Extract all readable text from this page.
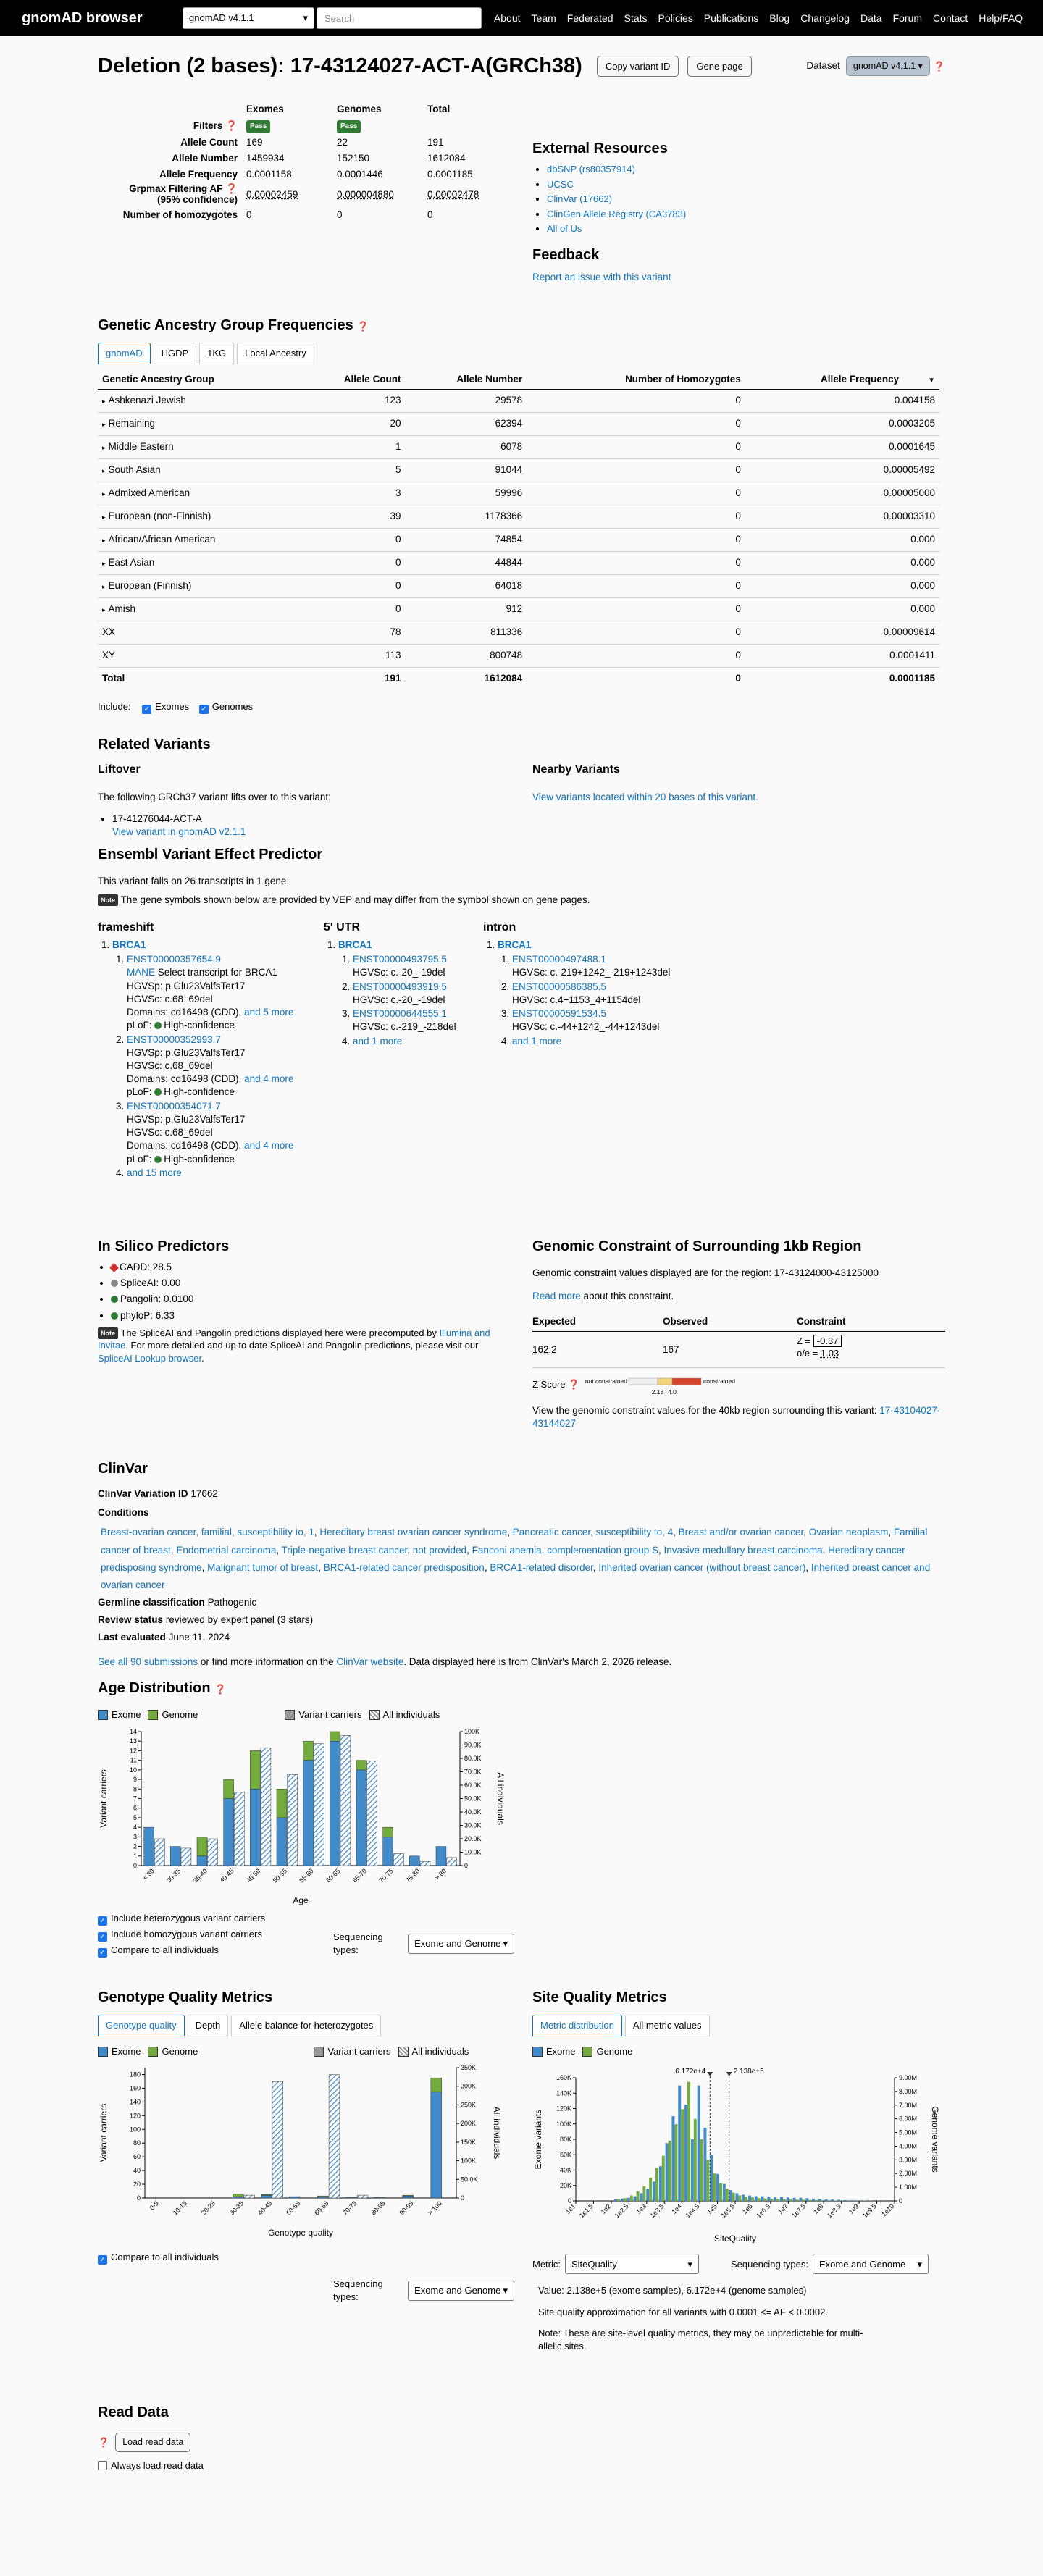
gnomAD browser	gnomAD v4.1.1	▾	Search	About Team Federated Stats Policies Publications Blog Changelog Data Forum Contact Help/FAQ
Deletion (2 bases): 17-43124027-ACT-A(GRCh38)	Copy variant ID	Gene page	Dataset	gnomAD v4.1.1 ▾	❓
	Exomes	Genomes	Total
Filters ❓	Pass	Pass	
Allele Count	169	22	191
Allele Number	1459934	152150	1612084
Allele Frequency	0.0001158	0.0001446	0.0001185
Grpmax Filtering AF ❓
(95% confidence)	0.00002459	0.000004880	0.00002478
Number of homozygotes	0	0	0
External Resources
• dbSNP (rs80357914)
• UCSC
• ClinVar (17662)
• ClinGen Allele Registry (CA3783)
• All of Us
Feedback
Report an issue with this variant
Genetic Ancestry Group Frequencies ❓
gnomAD	HGDP	1KG	Local Ancestry
Genetic Ancestry Group	Allele Count	Allele Number	Number of Homozygotes	Allele Frequency ▼
▸ Ashkenazi Jewish	123	29578	0	0.004158
▸ Remaining	20	62394	0	0.0003205
▸ Middle Eastern	1	6078	0	0.0001645
▸ South Asian	5	91044	0	0.00005492
▸ Admixed American	3	59996	0	0.00005000
▸ European (non-Finnish)	39	1178366	0	0.00003310
▸ African/African American	0	74854	0	0.000
▸ East Asian	0	44844	0	0.000
▸ European (Finnish)	0	64018	0	0.000
▸ Amish	0	912	0	0.000
XX	78	811336	0	0.00009614
XY	113	800748	0	0.0001411
Total	191	1612084	0	0.0001185
Include: ✓ Exomes ✓ Genomes
Related Variants
Liftover
The following GRCh37 variant lifts over to this variant:
• 17-41276044-ACT-A
View variant in gnomAD v2.1.1
Nearby Variants
View variants located within 20 bases of this variant.
Ensembl Variant Effect Predictor
This variant falls on 26 transcripts in 1 gene.
Note The gene symbols shown below are provided by VEP and may differ from the symbol shown on gene pages.
frameshift
1. BRCA1
1. ENST00000357654.9
MANE Select transcript for BRCA1
HGVSp: p.Glu23ValfsTer17
HGVSc: c.68_69del
Domains: cd16498 (CDD), and 5 more
pLoF: High-confidence
2. ENST00000352993.7
HGVSp: p.Glu23ValfsTer17
HGVSc: c.68_69del
Domains: cd16498 (CDD), and 4 more
pLoF: High-confidence
3. ENST00000354071.7
HGVSp: p.Glu23ValfsTer17
HGVSc: c.68_69del
Domains: cd16498 (CDD), and 4 more
pLoF: High-confidence
4. and 15 more
5' UTR
1. BRCA1
1. ENST00000493795.5
HGVSc: c.-20_-19del
2. ENST00000493919.5
HGVSc: c.-20_-19del
3. ENST00000644555.1
HGVSc: c.-219_-218del
4. and 1 more
intron
1. BRCA1
1. ENST00000497488.1
HGVSc: c.-219+1242_-219+1243del
2. ENST00000586385.5
HGVSc: c.4+1153_4+1154del
3. ENST00000591534.5
HGVSc: c.-44+1242_-44+1243del
4. and 1 more
In Silico Predictors
• CADD: 28.5
• SpliceAI: 0.00
• Pangolin: 0.0100
• phyloP: 6.33
Note The SpliceAI and Pangolin predictions displayed here were precomputed by Illumina and Invitae. For more detailed and up to date SpliceAI and Pangolin predictions, please visit our SpliceAI Lookup browser.
Genomic Constraint of Surrounding 1kb Region
Genomic constraint values displayed are for the region: 17-43124000-43125000
Read more about this constraint.
Expected	Observed	Constraint
162.2	167	Z = -0.37
o/e = 1.03
Z Score ❓ not constrained	constrained
2.18 4.0
View the genomic constraint values for the 40kb region surrounding this variant: 17-43104027-43144027
ClinVar
ClinVar Variation ID 17662
Conditions
Breast-ovarian cancer, familial, susceptibility to, 1, Hereditary breast ovarian cancer syndrome, Pancreatic cancer, susceptibility to, 4, Breast and/or ovarian cancer, Ovarian neoplasm, Familial cancer of breast, Endometrial carcinoma, Triple-negative breast cancer, not provided, Fanconi anemia, complementation group S, Invasive medullary breast carcinoma, Hereditary cancer-predisposing syndrome, Malignant tumor of breast, BRCA1-related cancer predisposition, BRCA1-related disorder, Inherited ovarian cancer (without breast cancer), Inherited breast cancer and ovarian cancer
Germline classification Pathogenic
Review status reviewed by expert panel (3 stars)
Last evaluated June 11, 2024
See all 90 submissions or find more information on the ClinVar website. Data displayed here is from ClinVar's March 2, 2026 release.
Age Distribution ❓
Exome	Genome	Variant carriers	All individuals
0
1
2
3
4
5
6
7
8
9
10
11
12
13
14
0
10.0K
20.0K
30.0K
40.0K
50.0K
60.0K
70.0K
80.0K
90.0K
100K
< 30 30-35 35-40 40-45 45-50 50-55 55-60 60-65 65-70 70-75 75-80 > 80
Age
Variant carriers	All individuals
✓ Include heterozygous variant carriers
✓ Include homozygous variant carriers
✓ Compare to all individuals
Sequencing types:
Exome and Genome ▾
Genotype Quality Metrics
Genotype quality	Depth	Allele balance for heterozygotes
Exome	Genome	Variant carriers	All individuals
0
20
40
60
80
100
120
140
160
180
0
50.0K
100K
150K
200K
250K
300K
350K
0-5 10-15 20-25 30-35 40-45 50-55 60-65 70-75 80-85 90-95 > 100
Genotype quality
Variant carriers	All individuals
✓ Compare to all individuals
Sequencing types:
Exome and Genome ▾
Site Quality Metrics
Metric distribution	All metric values
Exome	Genome
0
20K
40K
60K
80K
100K
120K
140K
160K
0
1.00M
2.00M
3.00M
4.00M
5.00M
6.00M
7.00M
8.00M
9.00M
1e1 1e1.5 1e2 1e2.5 1e3 1e3.5 1e4 1e4.5 1e5 1e5.5 1e6 1e6.5 1e7 1e7.5 1e8 1e8.5 1e9 1e9.5 1e10
6.172e+4	2.138e+5
SiteQuality
Exome variants	Genome variants
Metric: SiteQuality	▾	Sequencing types: Exome and Genome ▾
Value: 2.138e+5 (exome samples), 6.172e+4 (genome samples)
Site quality approximation for all variants with 0.0001 <= AF < 0.0002.
Note: These are site-level quality metrics, they may be unpredictable for multi-allelic sites.
Read Data
❓	Load read data
Always load read data
